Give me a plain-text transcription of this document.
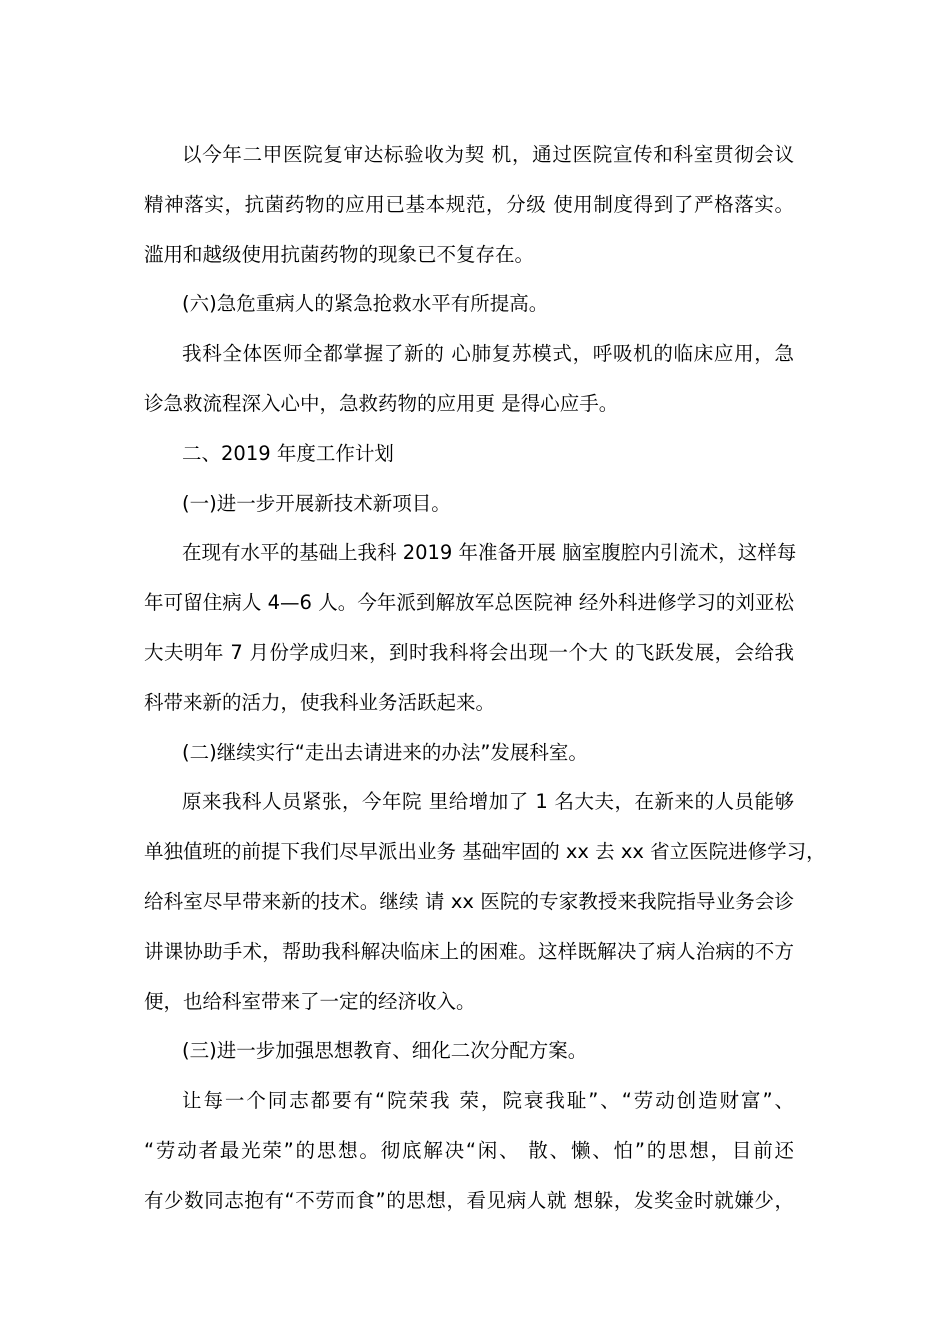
以今年二甲医院复审达标验收为契 机，通过医院宣传和科室贯彻会议
精神落实，抗菌药物的应用已基本规范，分级 使用制度得到了严格落实。
滥用和越级使用抗菌药物的现象已不复存在。
(六)急危重病人的紧急抢救水平有所提高。
我科全体医师全都掌握了新的 心肺复苏模式，呼吸机的临床应用，急
诊急救流程深入心中，急救药物的应用更 是得心应手。
二、2019 年度工作计划
(一)进一步开展新技术新项目。
在现有水平的基础上我科 2019 年准备开展 脑室腹腔内引流术，这样每
年可留住病人 4—6 人。今年派到解放军总医院神 经外科进修学习的刘亚松
大夫明年 7 月份学成归来，到时我科将会出现一个大 的飞跃发展，会给我
科带来新的活力，使我科业务活跃起来。
(二)继续实行“走出去请进来的办法”发展科室。
原来我科人员紧张，今年院 里给增加了 1 名大夫，在新来的人员能够
单独值班的前提下我们尽早派出业务 基础牢固的 xx 去 xx 省立医院进修学习，
给科室尽早带来新的技术。继续 请 xx 医院的专家教授来我院指导业务会诊
讲课协助手术，帮助我科解决临床上的困难。这样既解决了病人治病的不方
便，也给科室带来了一定的经济收入。
(三)进一步加强思想教育、细化二次分配方案。
让每一个同志都要有“院荣我 荣，院衰我耻”、“劳动创造财富”、
“劳动者最光荣”的思想。彻底解决“闲、 散、懒、怕”的思想，目前还
有少数同志抱有“不劳而食”的思想，看见病人就 想躲，发奖金时就嫌少，
